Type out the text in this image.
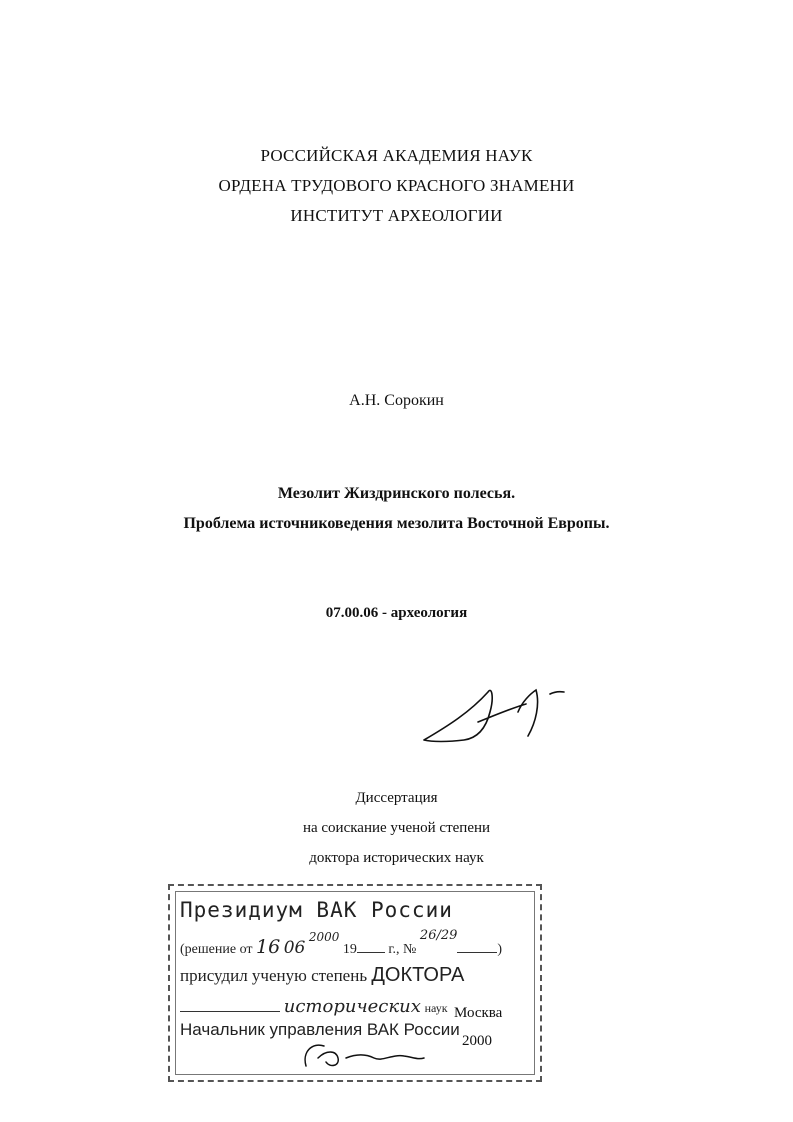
РОССИЙСКАЯ АКАДЕМИЯ НАУК
ОРДЕНА ТРУДОВОГО КРАСНОГО ЗНАМЕНИ
ИНСТИТУТ АРХЕОЛОГИИ
А.Н. Сорокин
Мезолит Жиздринского полесья.
Проблема источниковедения мезолита Восточной Европы.
07.00.06 - археология
Диссертация
на соискание ученой степени
доктора исторических наук
Президиум ВАК России
(решение от 16 06 2000 19 г., № 26/29)
присудил ученую степень ДОКТОРА
исторических наук
Начальник управления ВАК России
Москва
2000
